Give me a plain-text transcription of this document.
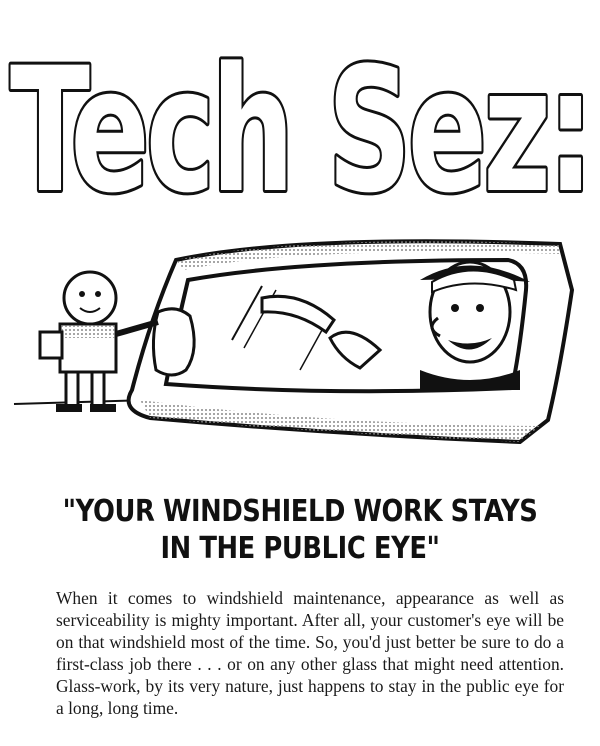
Tech Sez:
"YOUR WINDSHIELD WORK STAYS
IN THE PUBLIC EYE"

When it comes to windshield maintenance, appearance as well as serviceability is mighty important. After all, your customer's eye will be on that windshield most of the time. So, you'd just better be sure to do a first-class job there . . . or on any other glass that might need attention. Glass-work, by its very nature, just happens to stay in the public eye for a long, long time.
